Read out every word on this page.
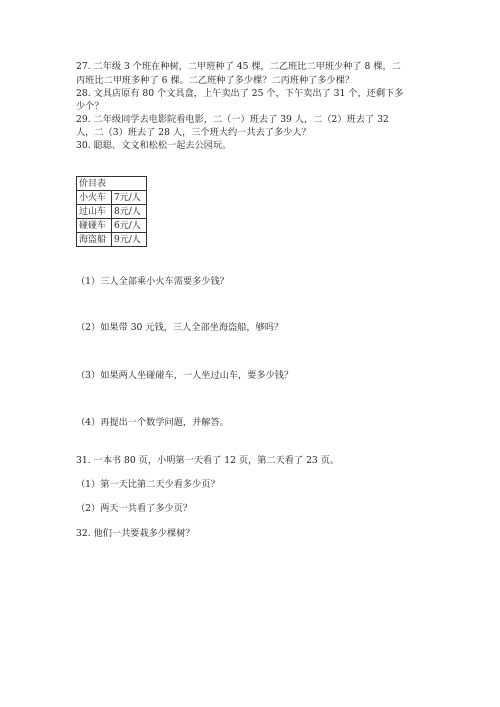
27. 二年级 3 个班在种树，二甲班种了 45 棵，二乙班比二甲班少种了 8 棵，二
丙班比二甲班多种了 6 棵。二乙班种了多少棵？二丙班种了多少棵？
28. 文具店原有 80 个文具盒，上午卖出了 25 个，下午卖出了 31 个，还剩下多
少个？
29. 二年级同学去电影院看电影，二（一）班去了 39 人，二（2）班去了 32
人，二（3）班去了 28 人，三个班大约一共去了多少人？
30. 聪聪、文文和松松一起去公园玩。
价目表	
小火车	7元/人
过山车	8元/人
碰碰车	6元/人
海盗船	9元/人
（1）三人全部乘小火车需要多少钱？
（2）如果带 30 元钱，三人全部坐海盗船，够吗？
（3）如果两人坐碰碰车，一人坐过山车，要多少钱？
（4）再提出一个数学问题，并解答。
31. 一本书 80 页，小明第一天看了 12 页，第二天看了 23 页。
（1）第一天比第二天少看多少页？
（2）两天一共看了多少页？
32. 他们一共要栽多少棵树？
